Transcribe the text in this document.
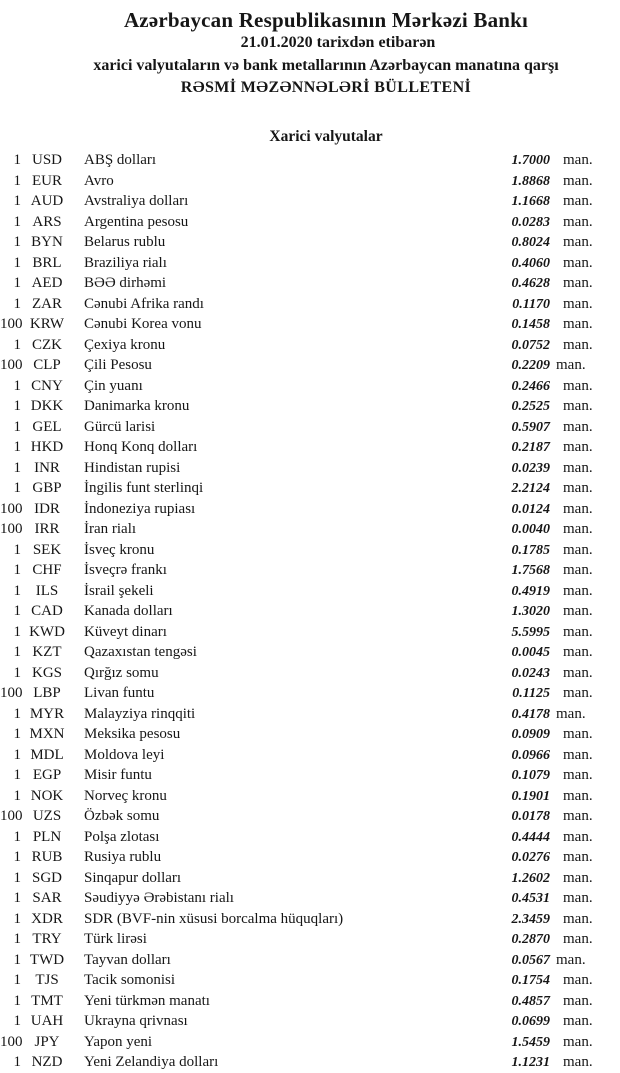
Azərbaycan Respublikasının Mərkəzi Bankı
21.01.2020 tarixdən etibarən
xarici valyutaların və bank metallarının Azərbaycan manatına qarşı
RƏSMİ MƏZƏNNƏLƏRİ BÜLLETENİ
Xarici valyutalar
1 USD	ABŞ dolları	1.7000 man.
1 EUR	Avro	1.8868 man.
1 AUD	Avstraliya dolları	1.1668 man.
1 ARS	Argentina pesosu	0.0283 man.
1 BYN	Belarus rublu	0.8024 man.
1 BRL	Braziliya rialı	0.4060 man.
1 AED	BƏƏ dirhəmi	0.4628 man.
1 ZAR	Cənubi Afrika randı	0.1170 man.
100 KRW Cənubi Korea vonu	0.1458 man.
1 CZK	Çexiya kronu	0.0752 man.
100 CLP	Çili Pesosu	0.2209 man.
1 CNY	Çin yuanı	0.2466 man.
1 DKK	Danimarka kronu	0.2525 man.
1 GEL	Gürcü larisi	0.5907 man.
1 HKD	Honq Konq dolları	0.2187 man.
1 INR	Hindistan rupisi	0.0239 man.
1 GBP	İngilis funt sterlinqi	2.2124 man.
100 IDR	İndoneziya rupiası	0.0124 man.
100 IRR	İran rialı	0.0040 man.
1 SEK	İsveç kronu	0.1785 man.
1 CHF	İsveçrə frankı	1.7568 man.
1 ILS	İsrail şekeli	0.4919 man.
1 CAD	Kanada dolları	1.3020 man.
1 KWD Küveyt dinarı	5.5995 man.
1 KZT	Qazaxıstan tengəsi	0.0045 man.
1 KGS	Qırğız somu	0.0243 man.
100 LBP	Livan funtu	0.1125 man.
1 MYR Malayziya rinqqiti	0.4178 man.
1 MXN Meksika pesosu	0.0909 man.
1 MDL Moldova leyi	0.0966 man.
1 EGP	Misir funtu	0.1079 man.
1 NOK	Norveç kronu	0.1901 man.
100 UZS	Özbək somu	0.0178 man.
1 PLN	Polşa zlotası	0.4444 man.
1 RUB	Rusiya rublu	0.0276 man.
1 SGD	Sinqapur dolları	1.2602 man.
1 SAR	Səudiyyə Ərəbistanı rialı	0.4531 man.
1 XDR	SDR (BVF-nin xüsusi borcalma hüquqları)	2.3459 man.
1 TRY	Türk lirəsi	0.2870 man.
1 TWD Tayvan dolları	0.0567 man.
1 TJS	Tacik somonisi	0.1754 man.
1 TMT	Yeni türkmən manatı	0.4857 man.
1 UAH	Ukrayna qrivnası	0.0699 man.
100 JPY	Yapon yeni	1.5459 man.
1 NZD	Yeni Zelandiya dolları	1.1231 man.
